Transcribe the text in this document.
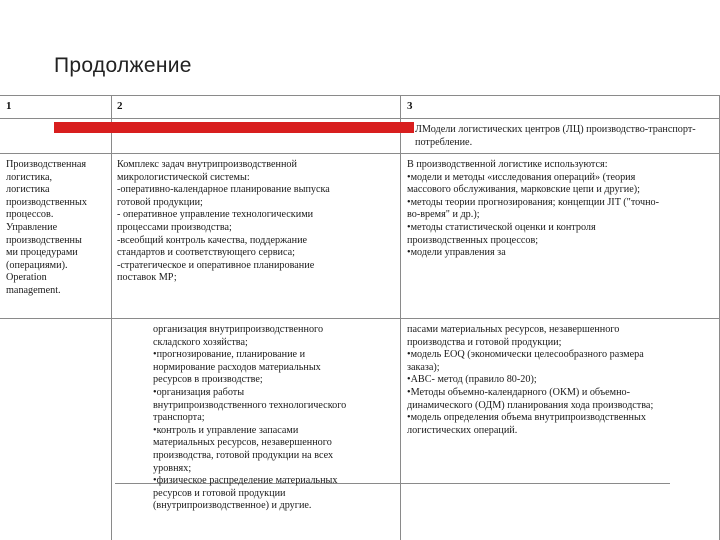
Продолжение
1	2	3
ЛМодели логистических центров (ЛЦ) производство-транспорт-потребление.
Производственная
логистика,
логистика
производственных
процессов.
Управление
производственны
ми процедурами
(операциями).
Operation
management.
Комплекс задач внутрипроизводственной
микрологистической системы:
-оперативно-календарное планирование выпуска
готовой продукции;
- оперативное управление технологическими
процессами производства;
-всеобщий контроль качества, поддержание
стандартов и соответствующего сервиса;
-стратегическое и оперативное планирование
поставок МР;
В производственной логистике используются:
•модели и методы «исследования операций» (теория
массового обслуживания, марковские цепи и другие);
•методы теории прогнозирования; концепции JIT ("точно-
во-время" и др.);
•методы статистической оценки и контроля
производственных процессов;
•модели управления за
организация внутрипроизводственного
складского хозяйства;
•прогнозирование, планирование и
нормирование расходов материальных
ресурсов в производстве;
•организация работы
внутрипроизводственного технологического
транспорта;
•контроль и управление запасами
материальных ресурсов, незавершенного
производства, готовой продукции на всех
уровнях;
•физическое распределение материальных
ресурсов и готовой продукции
(внутрипроизводственное) и другие.
пасами материальных ресурсов, незавершенного
производства и готовой продукции;
•модель EOQ (экономически целесообразного размера
заказа);
•ABC- метод (правило 80-20);
•Методы объемно-календарного (ОКМ) и объемно-
динамического (ОДМ) планирования хода производства;
•модель определения объема внутрипроизводственных
логистических операций.
